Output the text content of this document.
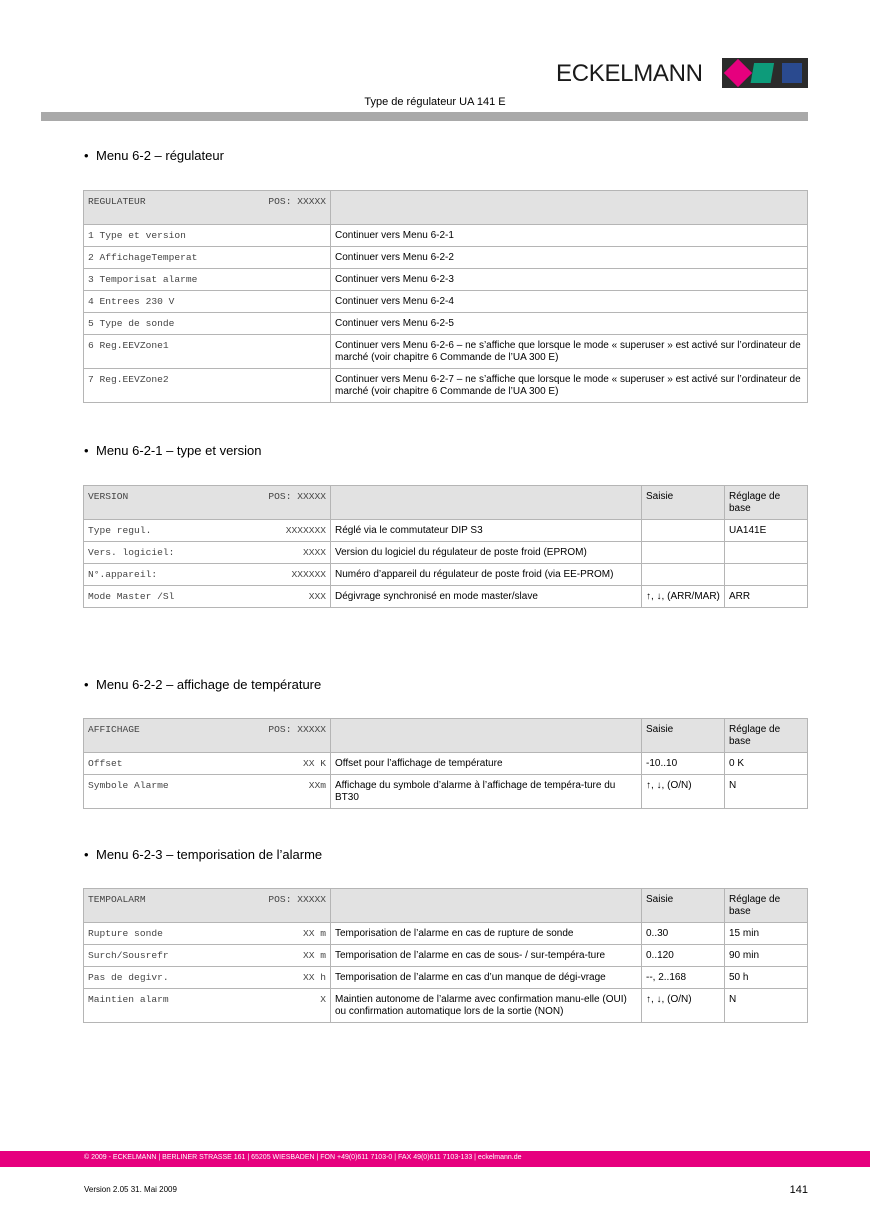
ECKELMANN
Type de régulateur UA 141 E
• Menu 6-2 – régulateur
REGULATEUR POS: XXXXX	

1 Type et version	Continuer vers Menu 6-2-1

2 AffichageTemperat	Continuer vers Menu 6-2-2

3 Temporisat alarme	Continuer vers Menu 6-2-3

4 Entrees 230 V	Continuer vers Menu 6-2-4

5 Type de sonde	Continuer vers Menu 6-2-5

6 Reg.EEVZone1	Continuer vers Menu 6-2-6 – ne s’affiche que lorsque le mode « superuser » est activé sur l’ordinateur de marché (voir chapitre 6 Commande de l’UA 300 E)

7 Reg.EEVZone2	Continuer vers Menu 6-2-7 – ne s’affiche que lorsque le mode « superuser » est activé sur l’ordinateur de marché (voir chapitre 6 Commande de l’UA 300 E)
• Menu 6-2-1 – type et version
VERSION POS: XXXXX		Saisie	Réglage de base

Type regul. XXXXXXX	Réglé via le commutateur DIP S3		UA141E

Vers. logiciel: XXXX	Version du logiciel du régulateur de poste froid (EPROM)		

N°.appareil: XXXXXX	Numéro d’appareil du régulateur de poste froid (via EE-PROM)		

Mode Master /Sl XXX	Dégivrage synchronisé en mode master/slave	↑, ↓, (ARR/MAR)	ARR
• Menu 6-2-2 – affichage de température
AFFICHAGE POS: XXXXX		Saisie	Réglage de base

Offset XX K	Offset pour l’affichage de température	-10..10	0 K

Symbole Alarme XXm	Affichage du symbole d’alarme à l’affichage de tempéra-ture du BT30	↑, ↓, (O/N)	N
• Menu 6-2-3 – temporisation de l’alarme
TEMPOALARM POS: XXXXX		Saisie	Réglage de base

Rupture sonde XX m	Temporisation de l’alarme en cas de rupture de sonde	0..30	15 min

Surch/Sousrefr XX m	Temporisation de l’alarme en cas de sous- / sur-tempéra-ture	0..120	90 min

Pas de degivr. XX h	Temporisation de l’alarme en cas d’un manque de dégi-vrage	--, 2..168	50 h

Maintien alarm X	Maintien autonome de l’alarme avec confirmation manu-elle (OUI) ou confirmation automatique lors de la sortie (NON)	↑, ↓, (O/N)	N
© 2009 - ECKELMANN | BERLINER STRASSE 161 | 65205 WIESBADEN | FON +49(0)611 7103-0 | FAX 49(0)611 7103-133 | eckelmann.de
Version 2.05 31. Mai 2009	141
